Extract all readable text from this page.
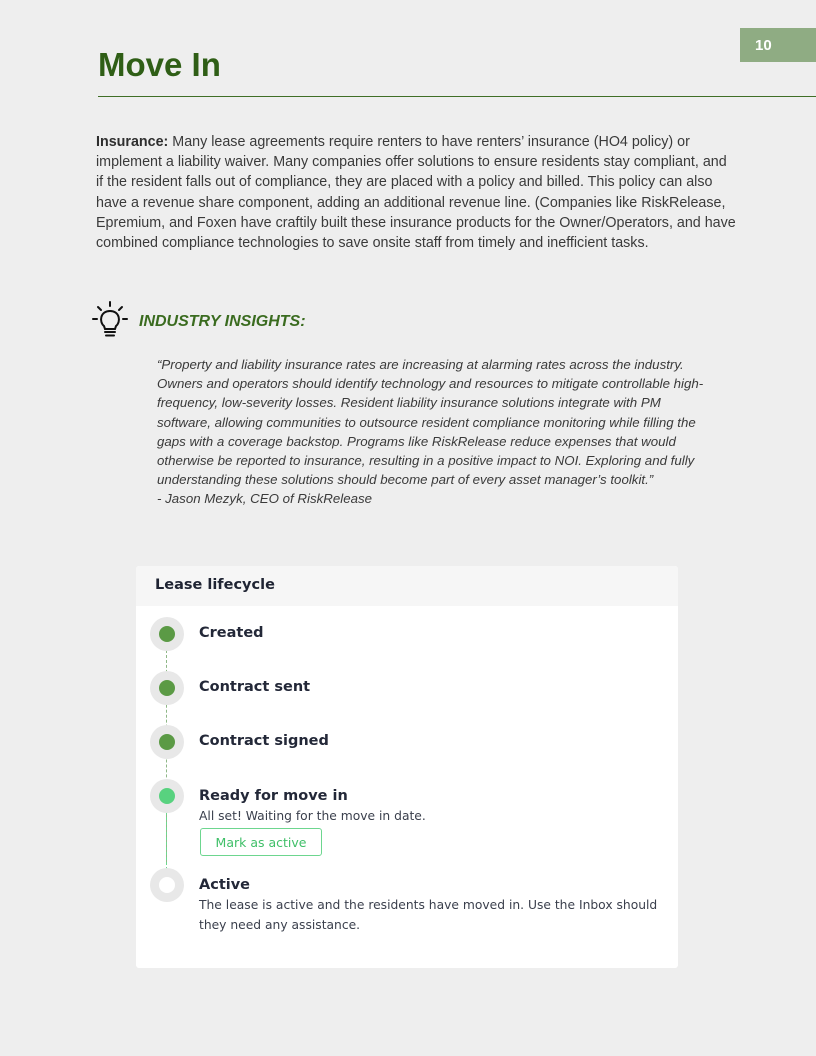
10
Move In

Insurance: Many lease agreements require renters to have renters’ insurance (HO4 policy) or implement a liability waiver. Many companies offer solutions to ensure residents stay compliant, and if the resident falls out of compliance, they are placed with a policy and billed. This policy can also have a revenue share component, adding an additional revenue line. (Companies like RiskRelease, Epremium, and Foxen have craftily built these insurance products for the Owner/Operators, and have combined compliance technologies to save onsite staff from timely and inefficient tasks.

INDUSTRY INSIGHTS:

“Property and liability insurance rates are increasing at alarming rates across the industry. Owners and operators should identify technology and resources to mitigate controllable high-frequency, low-severity losses. Resident liability insurance solutions integrate with PM software, allowing communities to outsource resident compliance monitoring while filling the gaps with a coverage backstop. Programs like RiskRelease reduce expenses that would otherwise be reported to insurance, resulting in a positive impact to NOI. Exploring and fully understanding these solutions should become part of every asset manager’s toolkit.”
- Jason Mezyk, CEO of RiskRelease

Lease lifecycle
Created
Contract sent
Contract signed
Ready for move in
All set! Waiting for the move in date.
Mark as active
Active
The lease is active and the residents have moved in. Use the Inbox should they need any assistance.
